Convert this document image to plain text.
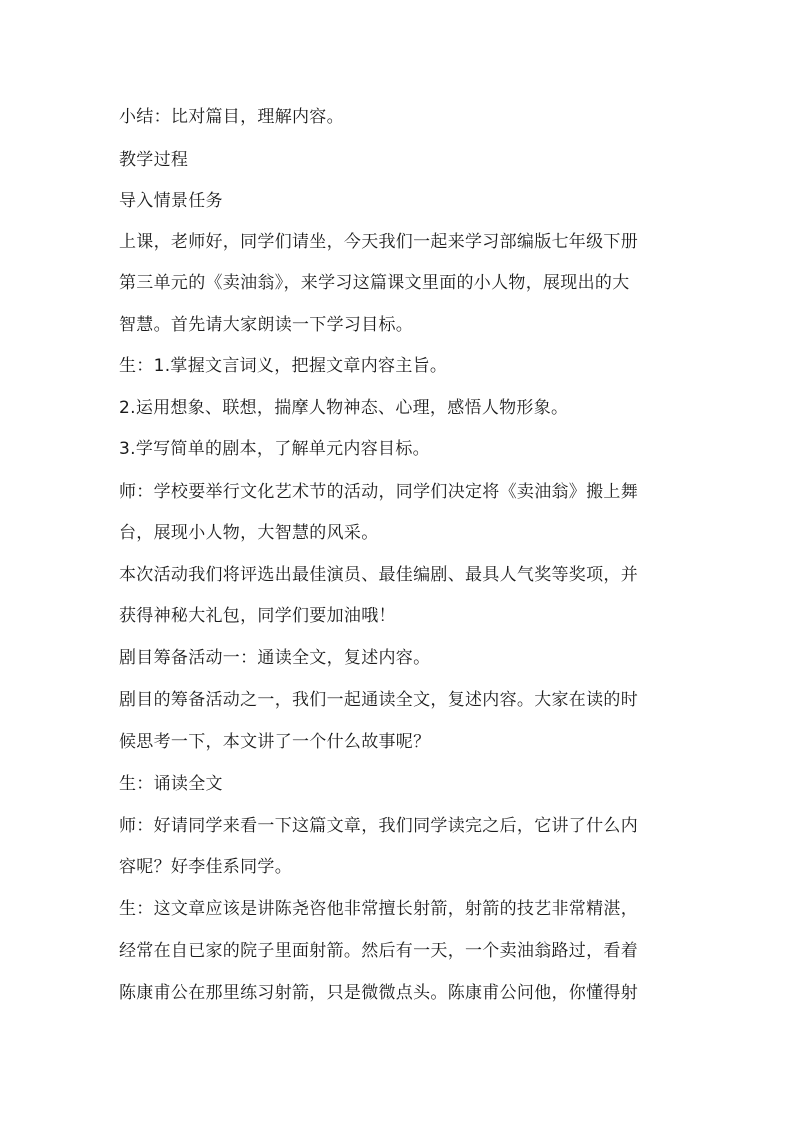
小结：比对篇目，理解内容。
教学过程
导入情景任务
上课，老师好，同学们请坐，今天我们一起来学习部编版七年级下册
第三单元的《卖油翁》，来学习这篇课文里面的小人物，展现出的大
智慧。首先请大家朗读一下学习目标。
生：1.掌握文言词义，把握文章内容主旨。
2.运用想象、联想，揣摩人物神态、心理，感悟人物形象。
3.学写简单的剧本，了解单元内容目标。
师：学校要举行文化艺术节的活动，同学们决定将《卖油翁》搬上舞
台，展现小人物，大智慧的风采。
本次活动我们将评选出最佳演员、最佳编剧、最具人气奖等奖项，并
获得神秘大礼包，同学们要加油哦！
剧目筹备活动一：通读全文，复述内容。
剧目的筹备活动之一，我们一起通读全文，复述内容。大家在读的时
候思考一下，本文讲了一个什么故事呢？
生：诵读全文
师：好请同学来看一下这篇文章，我们同学读完之后，它讲了什么内
容呢？好李佳系同学。
生：这文章应该是讲陈尧咨他非常擅长射箭，射箭的技艺非常精湛，
经常在自已家的院子里面射箭。然后有一天，一个卖油翁路过，看着
陈康甫公在那里练习射箭，只是微微点头。陈康甫公问他，你懂得射
